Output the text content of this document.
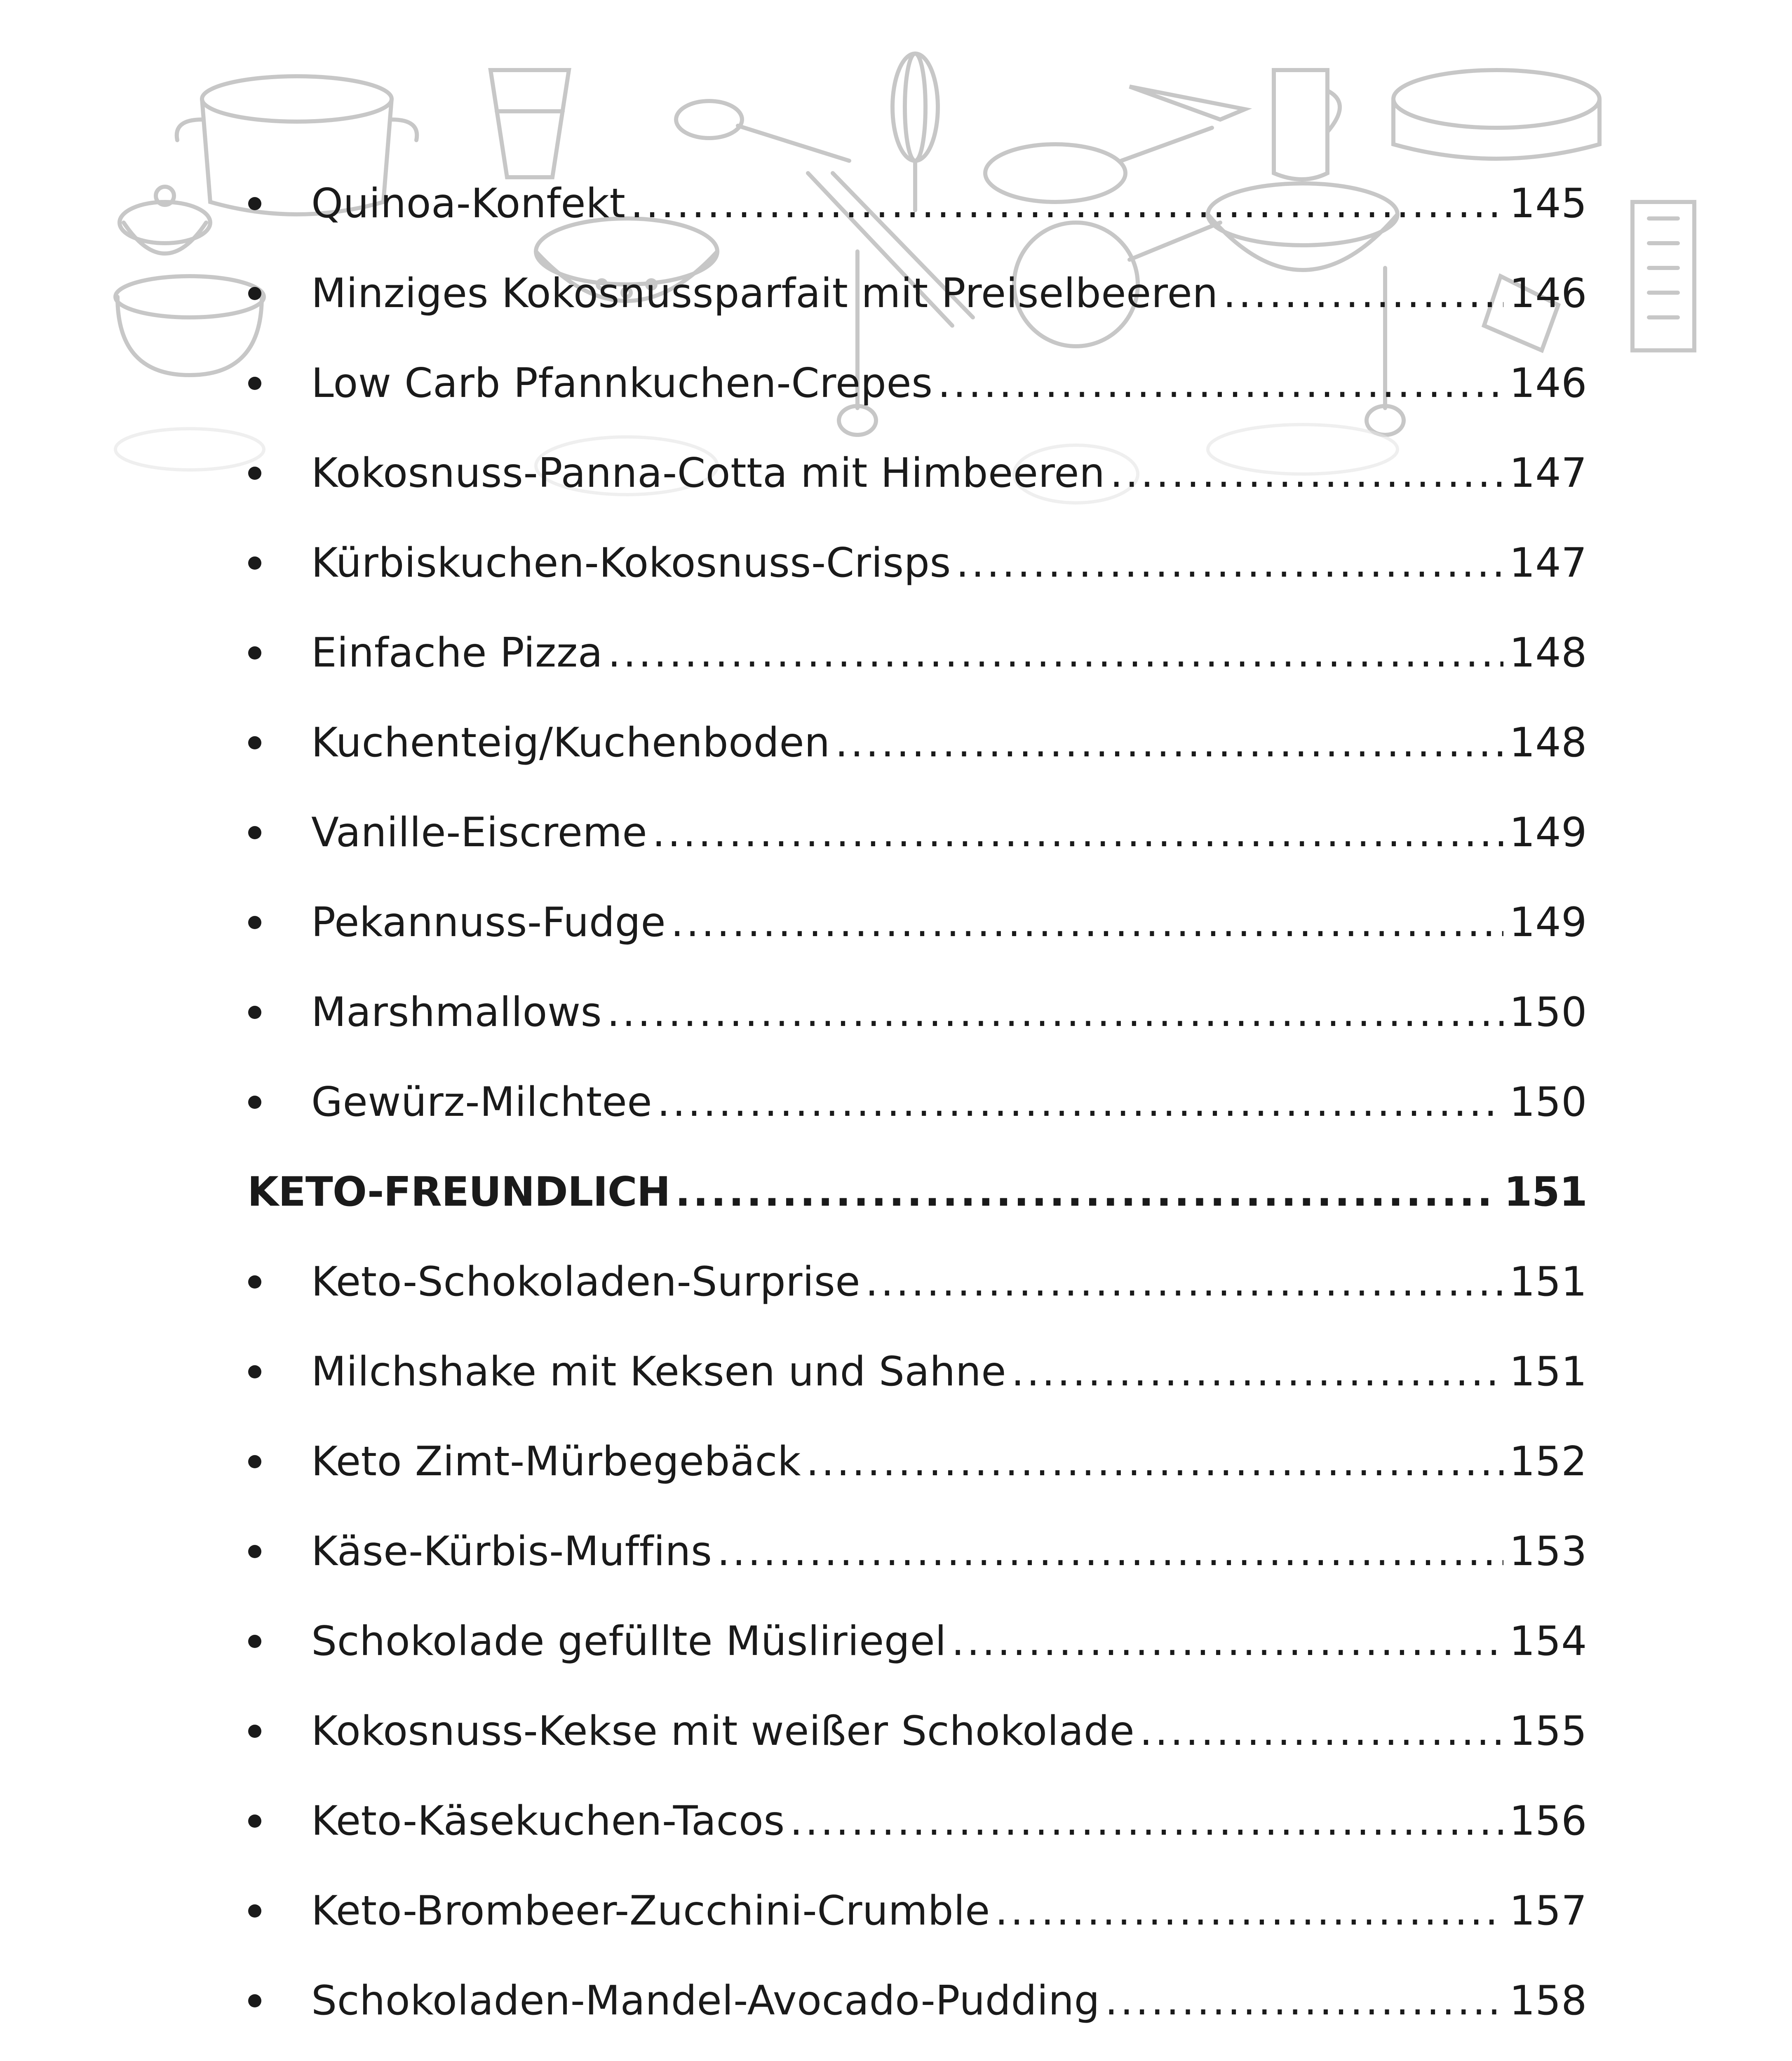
Quinoa-Konfekt .....	145
Minziges Kokosnussparfait mit Preiselbeeren .....	146
Low Carb Pfannkuchen-Crepes .....	146
Kokosnuss-Panna-Cotta mit Himbeeren .....	147
Kürbiskuchen-Kokosnuss-Crisps .....	147
Einfache Pizza .....	148
Kuchenteig/Kuchenboden .....	148
Vanille-Eiscreme .....	149
Pekannuss-Fudge .....	149
Marshmallows .....	150
Gewürz-Milchtee .....	150
KETO-FREUNDLICH .....	151
Keto-Schokoladen-Surprise .....	151
Milchshake mit Keksen und Sahne .....	151
Keto Zimt-Mürbegebäck .....	152
Käse-Kürbis-Muffins .....	153
Schokolade gefüllte Müsliriegel .....	154
Kokosnuss-Kekse mit weißer Schokolade .....	155
Keto-Käsekuchen-Tacos .....	156
Keto-Brombeer-Zucchini-Crumble .....	157
Schokoladen-Mandel-Avocado-Pudding .....	158
